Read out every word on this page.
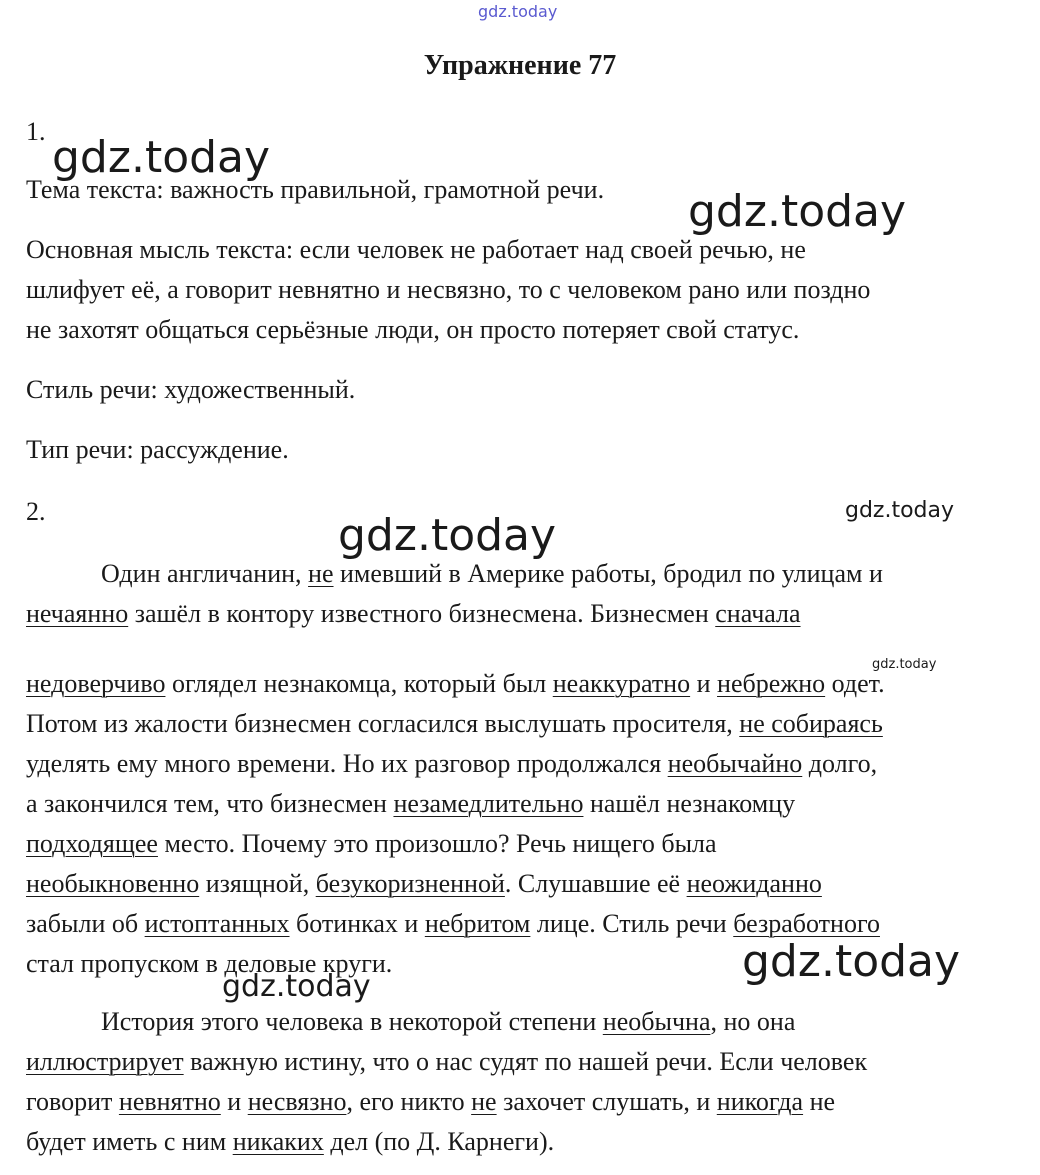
gdz.today
gdz.today
gdz.today
gdz.today	gdz.today
gdz.today
gdz.today
gdz.today
Упражнение 77
1.
Тема текста: важность правильной, грамотной речи.
Основная мысль текста: если человек не работает над своей речью, не
шлифует её, а говорит невнятно и несвязно, то с человеком рано или поздно
не захотят общаться серьёзные люди, он просто потеряет свой статус.
Стиль речи: художественный.
Тип речи: рассуждение.
2.
Один англичанин, не имевший в Америке работы, бродил по улицам и
нечаянно зашёл в контору известного бизнесмена. Бизнесмен сначала
недоверчиво оглядел незнакомца, который был неаккуратно и небрежно одет.
Потом из жалости бизнесмен согласился выслушать просителя, не собираясь
уделять ему много времени. Но их разговор продолжался необычайно долго,
а закончился тем, что бизнесмен незамедлительно нашёл незнакомцу
подходящее место. Почему это произошло? Речь нищего была
необыкновенно изящной, безукоризненной. Слушавшие её неожиданно
забыли об истоптанных ботинках и небритом лице. Стиль речи безработного
стал пропуском в деловые круги.
История этого человека в некоторой степени необычна, но она
иллюстрирует важную истину, что о нас судят по нашей речи. Если человек
говорит невнятно и несвязно, его никто не захочет слушать, и никогда не
будет иметь с ним никаких дел (по Д. Карнеги).
